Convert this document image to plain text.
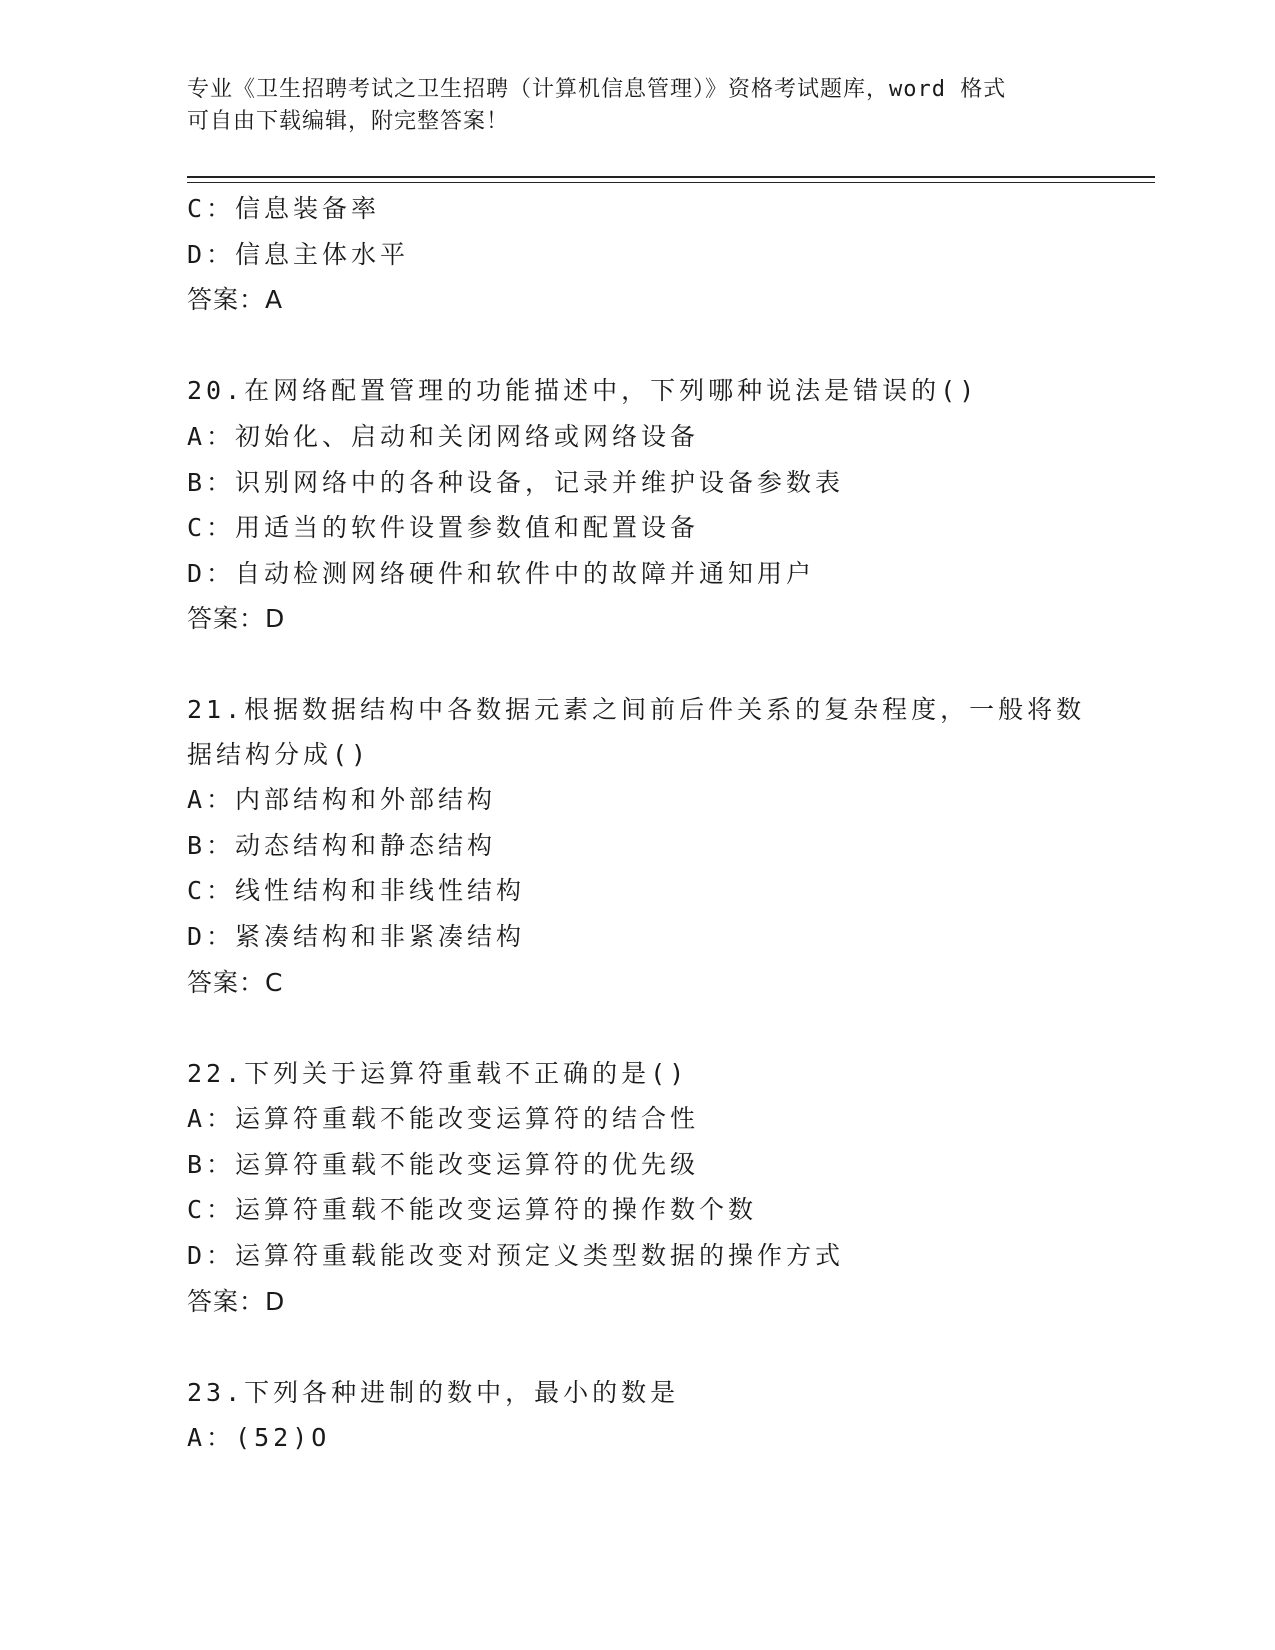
专业《卫生招聘考试之卫生招聘（计算机信息管理）》资格考试题库，word 格式
可自由下载编辑，附完整答案！
C：信息装备率
D：信息主体水平
答案：A
20.在网络配置管理的功能描述中，下列哪种说法是错误的()
A：初始化、启动和关闭网络或网络设备
B：识别网络中的各种设备，记录并维护设备参数表
C：用适当的软件设置参数值和配置设备
D：自动检测网络硬件和软件中的故障并通知用户
答案：D
21.根据数据结构中各数据元素之间前后件关系的复杂程度，一般将数
据结构分成()
A：内部结构和外部结构
B：动态结构和静态结构
C：线性结构和非线性结构
D：紧凑结构和非紧凑结构
答案：C
22.下列关于运算符重载不正确的是()
A：运算符重载不能改变运算符的结合性
B：运算符重载不能改变运算符的优先级
C：运算符重载不能改变运算符的操作数个数
D：运算符重载能改变对预定义类型数据的操作方式
答案：D
23.下列各种进制的数中，最小的数是
A：(52)O
